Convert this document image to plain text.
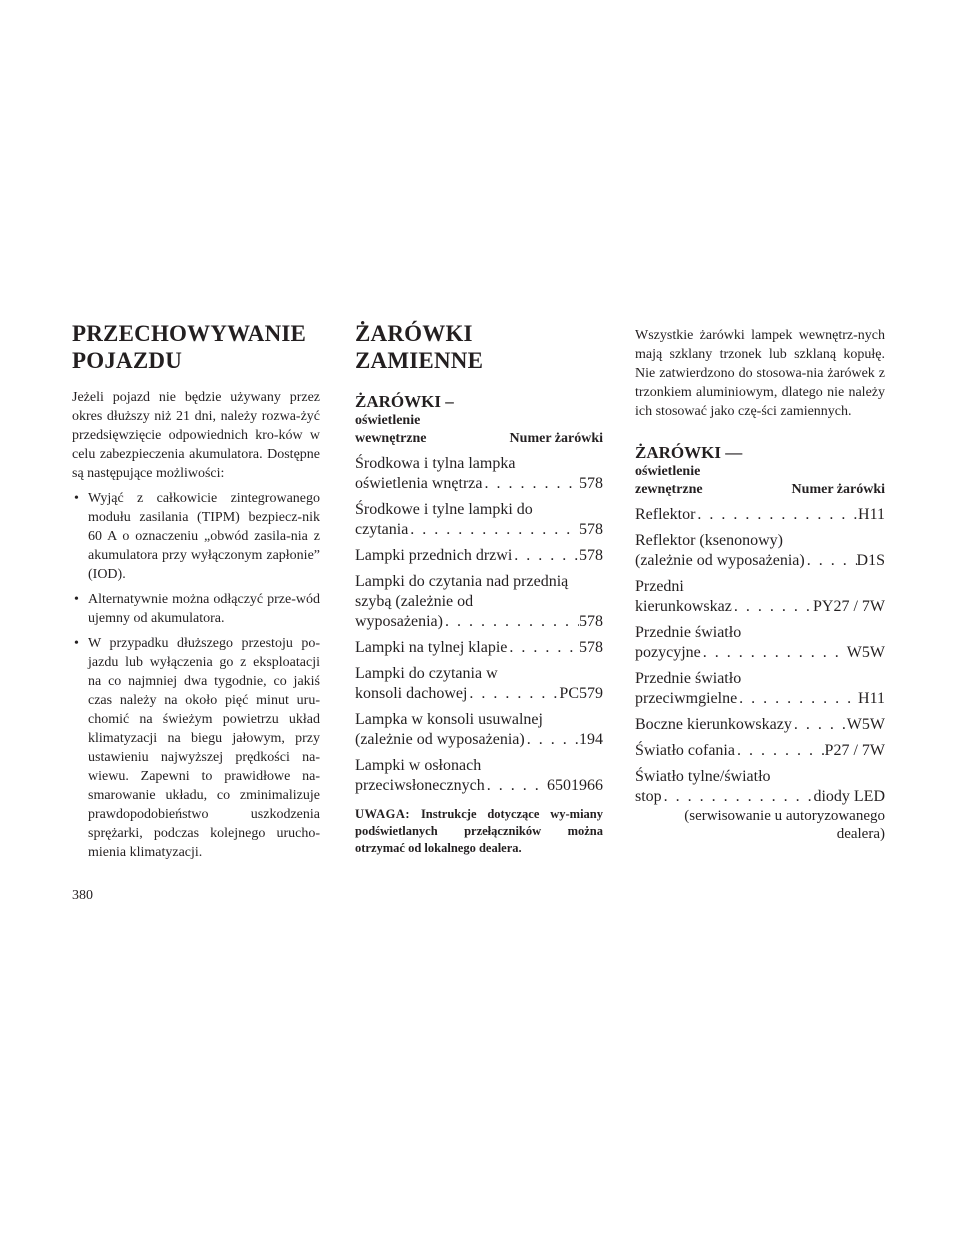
PRZECHOWYWANIE
POJAZDU

Jeżeli pojazd nie będzie używany przez okres dłuższy niż 21 dni, należy rozwa-żyć przedsięwzięcie odpowiednich kro-ków w celu zabezpieczenia akumulatora. Dostępne są następujące możliwości:

• Wyjąć z całkowicie zintegrowanego modułu zasilania (TIPM) bezpiecz-nik 60 A o oznaczeniu „obwód zasila-nia z akumulatora przy wyłączonym zapłonie” (IOD).
• Alternatywnie można odłączyć prze-wód ujemny od akumulatora.
• W przypadku dłuższego przestoju po-jazdu lub wyłączenia go z eksploatacji na co najmniej dwa tygodnie, co jakiś czas należy na około pięć minut uru-chomić na świeżym powietrzu układ klimatyzacji na biegu jałowym, przy ustawieniu najwyższej prędkości na-wiewu. Zapewni to prawidłowe na-smarowanie układu, co zminimalizuje prawdopodobieństwo uszkodzenia sprężarki, podczas kolejnego urucho-mienia klimatyzacji.
ŻARÓWKI ZAMIENNE
ŻARÓWKI –
oświetlenie
wewnętrzne	Numer żarówki
Środkowa i tylna lampka
oświetlenia wnętrza . . .	578
Środkowe i tylne lampki do
czytania . . .	578
Lampki przednich drzwi . . .	578
Lampki do czytania nad przednią szybą (zależnie od
wyposażenia) . . .	578
Lampki na tylnej klapie . . .	578
Lampki do czytania w
konsoli dachowej . . .	PC579
Lampka w konsoli usuwalnej
(zależnie od wyposażenia) . . .	194
Lampki w osłonach
przeciwsłonecznych . . .	6501966
UWAGA: Instrukcje dotyczące wy-miany podświetlanych przełączników można otrzymać od lokalnego dealera.

Wszystkie żarówki lampek wewnętrz-nych mają szklany trzonek lub szklaną kopułę. Nie zatwierdzono do stosowa-nia żarówek z trzonkiem aluminiowym, dlatego nie należy ich stosować jako czę-ści zamiennych.

ŻARÓWKI —
oświetlenie
zewnętrzne	Numer żarówki
Reflektor . . .	H11
Reflektor (ksenonowy)
(zależnie od wyposażenia) . . .	D1S
Przedni
kierunkowskaz . . .	PY27 / 7W
Przednie światło
pozycyjne . . .	W5W
Przednie światło
przeciwmgielne . . .	H11
Boczne kierunkowskazy . . .	W5W
Światło cofania . . .	P27 / 7W
Światło tylne/światło
stop . . .	diody LED
(serwisowanie u autoryzowanego dealera)
380
